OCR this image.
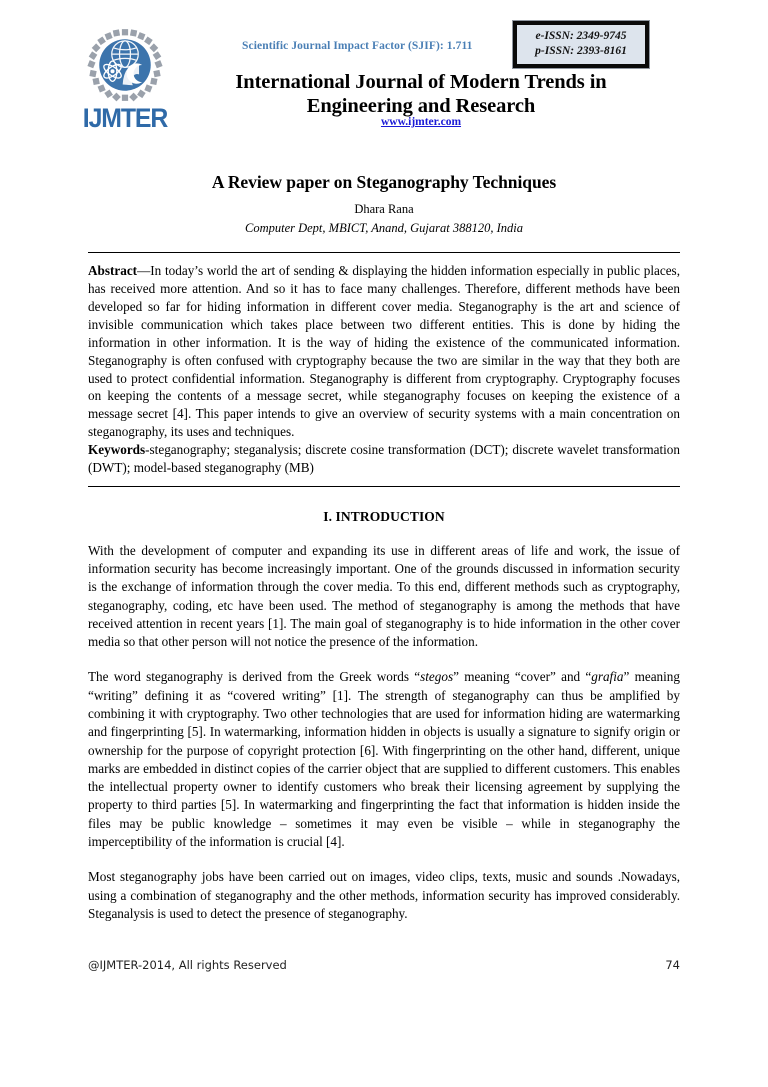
IJMTER
Scientific Journal Impact Factor (SJIF): 1.711
e-ISSN: 2349-9745
p-ISSN: 2393-8161
International Journal of Modern Trends in Engineering and Research
www.ijmter.com
A Review paper on Steganography Techniques
Dhara Rana
Computer Dept, MBICT, Anand, Gujarat 388120, India

Abstract—In today’s world the art of sending & displaying the hidden information especially in public places, has received more attention. And so it has to face many challenges. Therefore, different methods have been developed so far for hiding information in different cover media. Steganography is the art and science of invisible communication which takes place between two different entities. This is done by hiding the information in other information. It is the way of hiding the existence of the communicated information. Steganography is often confused with cryptography because the two are similar in the way that they both are used to protect confidential information. Steganography is different from cryptography. Cryptography focuses on keeping the contents of a message secret, while steganography focuses on keeping the existence of a message secret [4]. This paper intends to give an overview of security systems with a main concentration on steganography, its uses and techniques.

Keywords-steganography; steganalysis; discrete cosine transformation (DCT); discrete wavelet transformation (DWT); model-based steganography (MB)

I. INTRODUCTION

With the development of computer and expanding its use in different areas of life and work, the issue of information security has become increasingly important. One of the grounds discussed in information security is the exchange of information through the cover media. To this end, different methods such as cryptography, steganography, coding, etc have been used. The method of steganography is among the methods that have received attention in recent years [1]. The main goal of steganography is to hide information in the other cover media so that other person will not notice the presence of the information.

The word steganography is derived from the Greek words “stegos” meaning “cover” and “grafia” meaning “writing” defining it as “covered writing” [1]. The strength of steganography can thus be amplified by combining it with cryptography. Two other technologies that are used for information hiding are watermarking and fingerprinting [5]. In watermarking, information hidden in objects is usually a signature to signify origin or ownership for the purpose of copyright protection [6]. With fingerprinting on the other hand, different, unique marks are embedded in distinct copies of the carrier object that are supplied to different customers. This enables the intellectual property owner to identify customers who break their licensing agreement by supplying the property to third parties [5]. In watermarking and fingerprinting the fact that information is hidden inside the files may be public knowledge – sometimes it may even be visible – while in steganography the imperceptibility of the information is crucial [4].

Most steganography jobs have been carried out on images, video clips, texts, music and sounds .Nowadays, using a combination of steganography and the other methods, information security has improved considerably. Steganalysis is used to detect the presence of steganography.

@IJMTER-2014, All rights Reserved	74
